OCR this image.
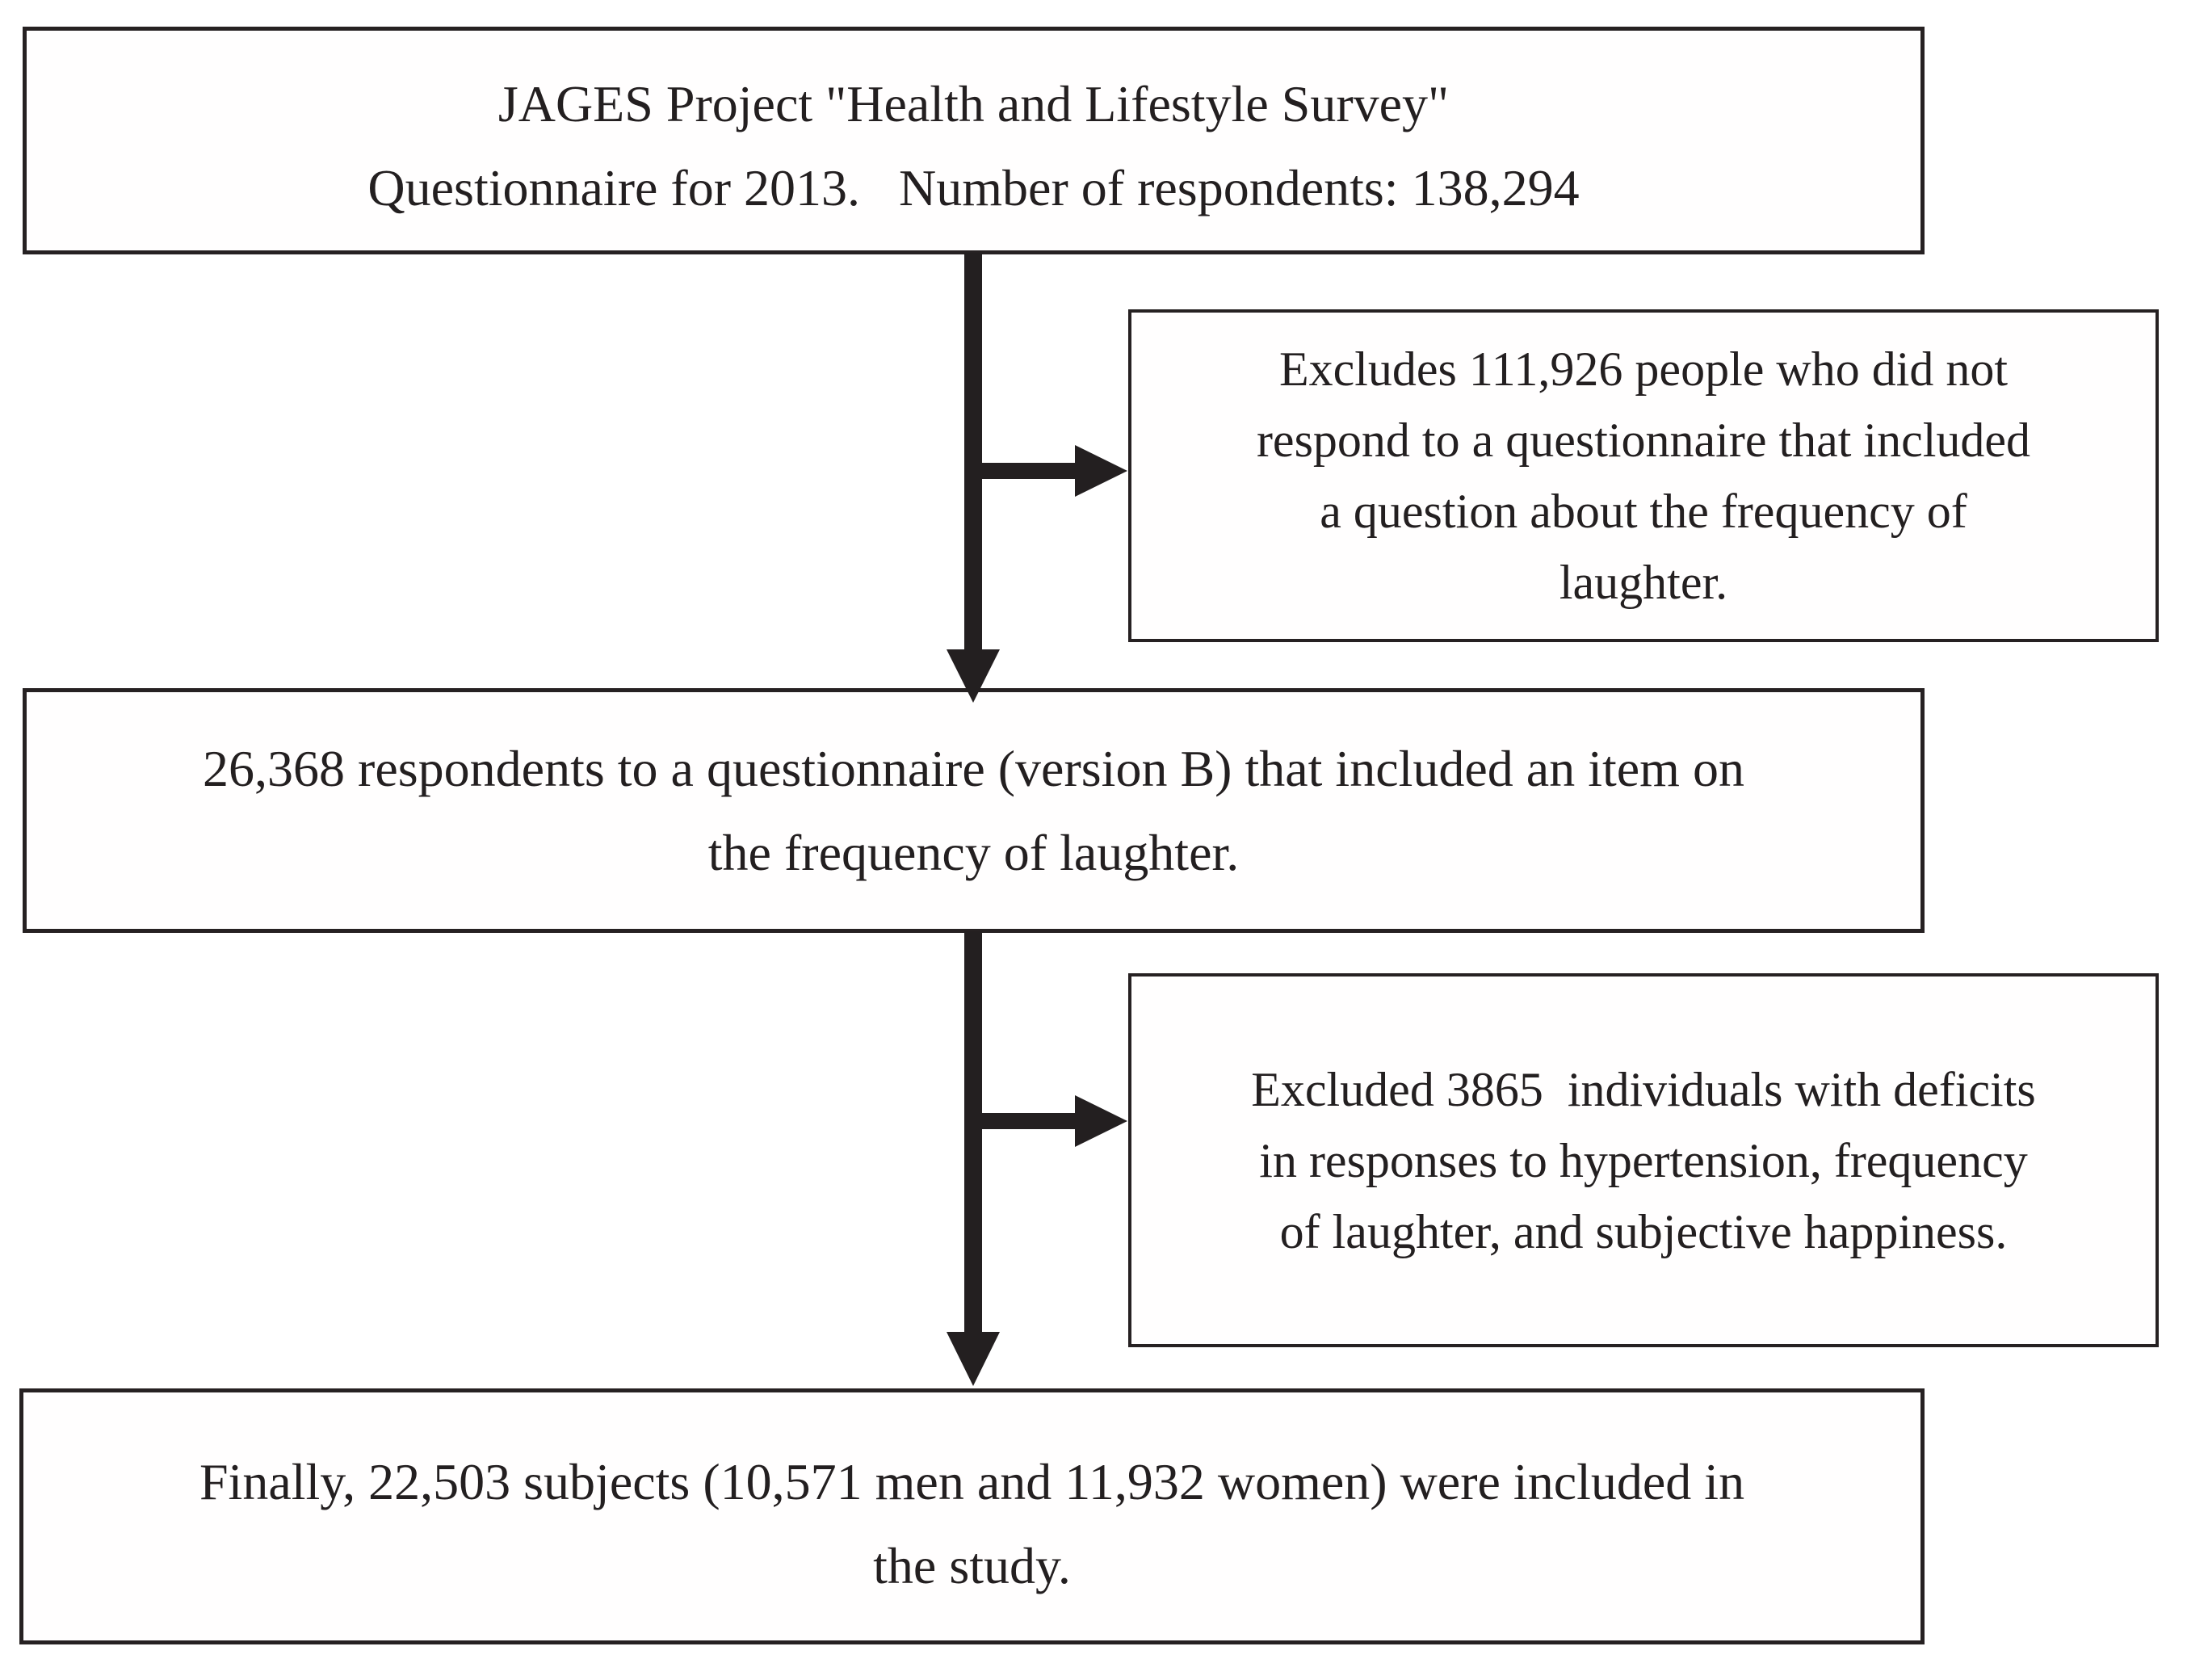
JAGES Project "Health and Lifestyle Survey"
Questionnaire for 2013.   Number of respondents: 138,294
Excludes 111,926 people who did not
respond to a questionnaire that included
a question about the frequency of
laughter.
26,368 respondents to a questionnaire (version B) that included an item on
the frequency of laughter.
Excluded 3865  individuals with deficits
in responses to hypertension, frequency
of laughter, and subjective happiness.
Finally, 22,503 subjects (10,571 men and 11,932 women) were included in
the study.
